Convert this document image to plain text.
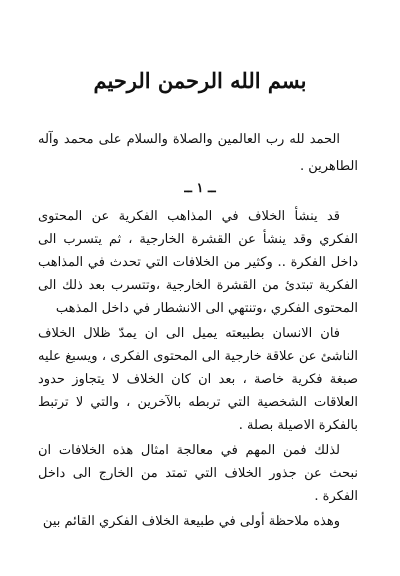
بسم الله الرحمن الرحيم

الحمد لله رب العالمين والصلاة والسلام على محمد وآله الطاهرين .

ــ ١ ــ

قد ينشأ الخلاف في المذاهب الفكرية عن المحتوى الفكري وقد ينشأ عن القشرة الخارجية ، ثم يتسرب الى داخل الفكرة .. وكثير من الخلافات التي تحدث في المذاهب الفكرية تبتدئ من القشرة الخارجية ،وتتسرب بعد ذلك الى المحتوى الفكري ،وتنتهي الى الانشطار في داخل المذهب

فان الانسان بطبيعته يميل الى ان يمدّ ظلال الخلاف الناشئ عن علاقة خارجية الى المحتوى الفكرى ، ويسبغ عليه صبغة فكرية خاصة ، بعد ان كان الخلاف لا يتجاوز حدود العلاقات الشخصية التي تربطه بالآخرين ، والتي لا ترتبط بالفكرة الاصيلة بصلة .

لذلك فمن المهم في معالجة امثال هذه الخلافات ان نبحث عن جذور الخلاف التي تمتد من الخارج الى داخل الفكرة .

وهذه ملاحظة أولى في طبيعة الخلاف الفكري القائم بين
